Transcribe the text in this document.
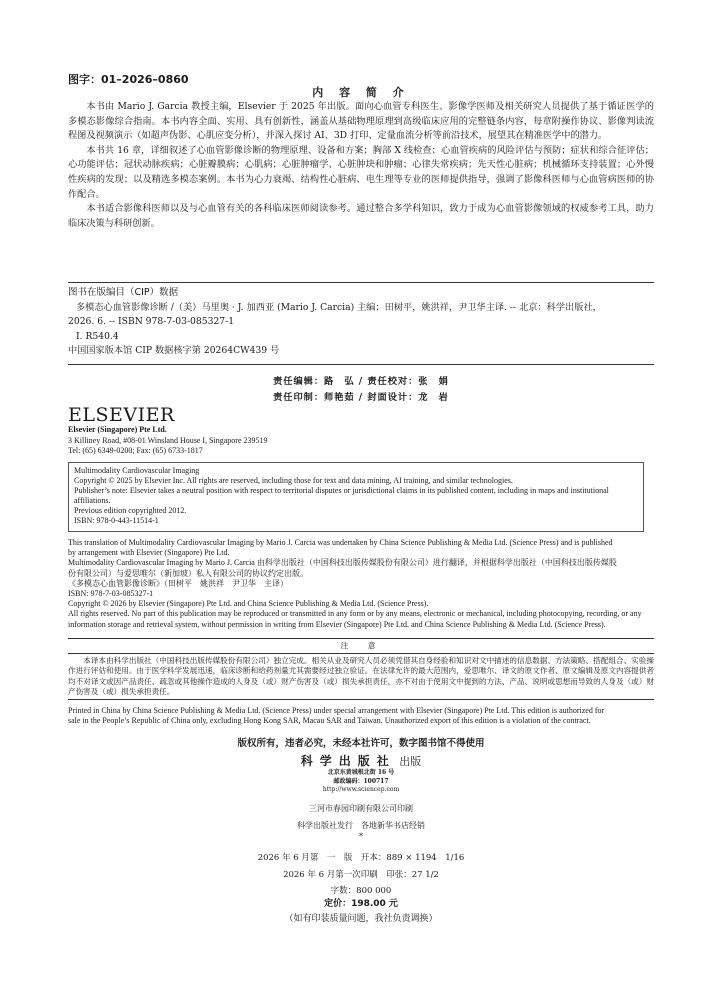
图字：01–2026–0860
内 容 简 介

本书由 Mario J. Garcia 教授主编，Elsevier 于 2025 年出版。面向心血管专科医生、影像学医师及相关研究人员提供了基于循证医学的多模态影像综合指南。本书内容全面、实用、具有创新性，涵盖从基础物理原理到高级临床应用的完整链条内容，每章附操作协议、影像判读流程图及视频演示（如超声伪影、心肌应变分析），并深入探讨 AI、3D 打印、定量血流分析等前沿技术，展望其在精准医学中的潜力。

本书共 16 章，详细叙述了心血管影像诊断的物理原理、设备和方案；胸部 X 线检查；心血管疾病的风险评估与预防；症状和综合征评估；心功能评估；冠状动脉疾病；心脏瓣膜病；心肌病；心脏肿瘤学、心脏肿块和肿瘤；心律失常疾病；先天性心脏病；机械循环支持装置；心外慢性疾病的发现；以及精选多模态案例。本书为心力衰竭、结构性心脏病、电生理等专业的医师提供指导，强调了影像科医师与心血管病医师的协作配合。

本书适合影像科医师以及与心血管有关的各科临床医师阅读参考。通过整合多学科知识，致力于成为心血管影像领域的权威参考工具，助力临床决策与科研创新。

图书在版编目（CIP）数据
多模态心血管影像诊断 /（美）马里奥 · J. 加西亚 (Mario J. Carcia) 主编；田树平，姚洪祥，尹卫华主译. -- 北京：科学出版社，
2026. 6. -- ISBN 978-7-03-085327-1
Ⅰ. R540.4
中国国家版本馆 CIP 数据核字第 20264CW439 号
责任编辑：路　弘 / 责任校对：张　娟
责任印制：师艳茹 / 封面设计：龙　岩
ELSEVIER
Elsevier (Singapore) Pte Ltd.
3 Killiney Road, #08-01 Winsland House I, Singapore 239519
Tel: (65) 6349-0200; Fax: (65) 6733-1817
Multimodality Cardiovascular Imaging
Copyright © 2025 by Elsevier Inc. All rights are reserved, including those for text and data mining, AI training, and similar technologies.
Publisher’s note: Elsevier takes a neutral position with respect to territorial disputes or jurisdictional claims in its published content, including in maps and institutional
affiliations.
Previous edition copyrighted 2012.
ISBN: 978-0-443-11514-1
This translation of Multimodality Cardiovascular Imaging by Mario J. Carcia was undertaken by China Science Publishing & Media Ltd. (Science Press) and is published
by arrangement with Elsevier (Singapore) Pte Ltd.
Multimodality Cardiovascular Imaging by Mario J. Carcia 由科学出版社（中国科技出版传媒股份有限公司）进行翻译，并根据科学出版社（中国科技出版传媒股
份有限公司）与爱思唯尔（新加坡）私人有限公司的协议约定出版。
《多模态心血管影像诊断》（田树平　姚洪祥　尹卫华　主译）
ISBN: 978-7-03-085327-1
Copyright © 2026 by Elsevier (Singapore) Pte Ltd. and China Science Publishing & Media Ltd. (Science Press).
All rights reserved. No part of this publication may be reproduced or transmitted in any form or by any means, electronic or mechanical, including photocopying, recording, or any
information storage and retrieval system, without permission in writing from Elsevier (Singapore) Pte Ltd. and China Science Publishing & Media Ltd. (Science Press).
注　意
本译本由科学出版社（中国科技出版传媒股份有限公司）独立完成。相关从业及研究人员必须凭借其自身经验和知识对文中描述的信息数据、方法策略、搭配组合、实验操作进行评估和使用。由于医学科学发展迅速，临床诊断和给药剂量尤其需要经过独立验证。在法律允许的最大范围内，爱思唯尔、译文的原文作者、原文编辑及原文内容提供者均不对译文或因产品责任、疏忽或其他操作造成的人身及（或）财产伤害及（或）损失承担责任，亦不对由于使用文中提到的方法、产品、说明或思想而导致的人身及（或）财产伤害及（或）损失承担责任。
Printed in China by China Science Publishing & Media Ltd. (Science Press) under special arrangement with Elsevier (Singapore) Pte Ltd. This edition is authorized for
sale in the People’s Republic of China only, excluding Hong Kong SAR, Macau SAR and Taiwan. Unauthorized export of this edition is a violation of the contract.
版权所有，违者必究，未经本社许可，数字图书馆不得使用
科学出版社 出版
北京东黄城根北街 16 号
邮政编码：100717
http://www.sciencep.com
三河市春园印刷有限公司印刷
科学出版社发行　各地新华书店经销
*
2026 年 6 月第　一　版　开本：889 × 1194　1/16
2026 年 6 月第一次印刷　印张：27 1/2
字数：800 000
定价：198.00 元
（如有印装质量问题，我社负责调换）
